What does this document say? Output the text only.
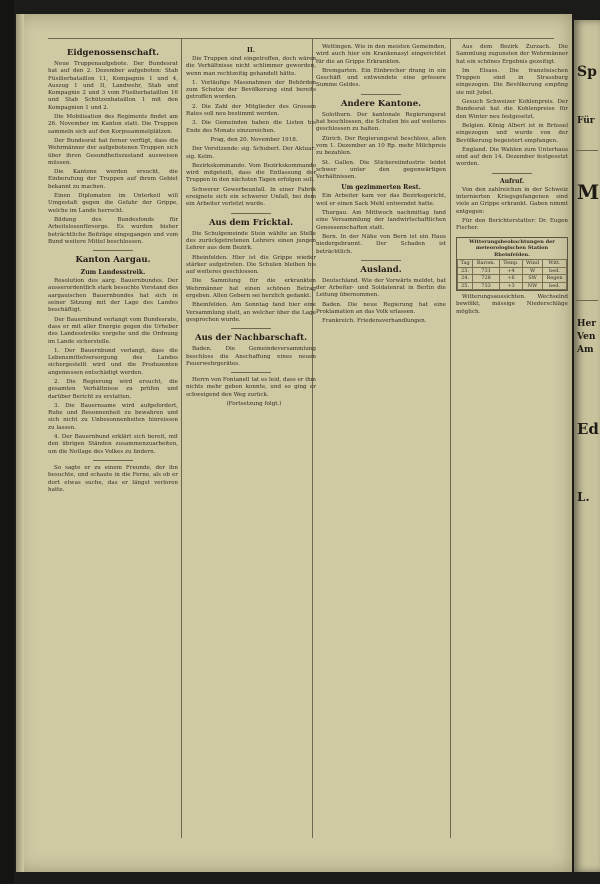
Eidgenossenschaft.

Neue Truppenaufgebote. Der Bundesrat hat auf den 2. Dezember aufgeboten: Stab Füsilierbataillon 11, Kompagnie 1 und 4, Auszug I und II, Landwehr, Stab und Kompagnie 2 und 3 vom Füsilierbataillon 16 und Stab Schützenbataillon 1 mit den Kompagnien 1 und 2.

Die Mobilisation des Regiments findet am 26. November im Kanton statt. Die Truppen sammeln sich auf den Korpssammelplätzen.

Der Bundesrat hat ferner verfügt, dass die Wehrmänner der aufgebotenen Truppen sich über ihren Gesundheitszustand ausweisen müssen.

Die Kantone werden ersucht, die Einberufung der Truppen auf ihrem Gebiet bekannt zu machen.

Einen Diplomaten im Unterkeil will Umgestalt gegen die Gefahr der Grippe, welche im Lande herrscht.

Bildung des Bundesfonds für Arbeitslosenfürsorge. Es wurden bisher beträchtliche Beiträge eingegangen und vom Bund weitere Mittel beschlossen.

Kanton Aargau.
Zum Landesstreik.

Resolution des aarg. Bauernbundes. Der ausserordentlich stark besuchte Vorstand des aargauischen Bauernbundes hat sich in seiner Sitzung mit der Lage des Landes beschäftigt.

Der Bauernbund verlangt vom Bundesrate, dass er mit aller Energie gegen die Urheber des Landesstreiks vorgehe und die Ordnung im Lande sicherstelle.

1. Der Bauernbund verlangt, dass die Lebensmittelversorgung des Landes sichergestellt wird und die Produzenten angemessen entschädigt werden.

2. Die Regierung wird ersucht, die gesamten Verhältnisse zu prüfen und darüber Bericht zu erstatten.

3. Die Bauernsame wird aufgefordert, Ruhe und Besonnenheit zu bewahren und sich nicht zu Unbesonnenheiten hinreissen zu lassen.

4. Der Bauernbund erklärt sich bereit, mit den übrigen Ständen zusammenzuarbeiten, um die Notlage des Volkes zu lindern.

So sagte er zu einem Freunde, der ihn besuchte, und schaute in die Ferne, als ob er dort etwas suche, das er längst verloren hatte.

II.

Die Truppen sind eingetroffen, doch wären die Verhältnisse nicht schlimmer geworden, wenn man rechtzeitig gehandelt hätte.

1. Vorläufige Massnahmen der Behörden zum Schutze der Bevölkerung sind bereits getroffen worden.

2. Die Zahl der Mitglieder des Grossen Rates soll neu bestimmt werden.

3. Die Gemeinden haben die Listen bis Ende des Monats einzureichen.

Prag, den 20. November 1918.

Der Vorsitzende: sig. Schubert. Der Aktuar: sig. Kelm.

Bezirkskommando. Vom Bezirkskommando wird mitgeteilt, dass die Entlassung der Truppen in den nächsten Tagen erfolgen soll.

Schwerer Gewerbeunfall. In einer Fabrik ereignete sich ein schwerer Unfall, bei dem ein Arbeiter verletzt wurde.

Aus dem Fricktal.

Die Schulgemeinde Stein wählte an Stelle des zurückgetretenen Lehrers einen jungen Lehrer aus dem Bezirk.

Rheinfelden. Hier ist die Grippe wieder stärker aufgetreten. Die Schulen bleiben bis auf weiteres geschlossen.

Die Sammlung für die erkrankten Wehrmänner hat einen schönen Betrag ergeben. Allen Gebern sei herzlich gedankt.

Rheinfelden. Am Sonntag fand hier eine Versammlung statt, an welcher über die Lage gesprochen wurde.

Aus der Nachbarschaft.

Baden. Die Gemeindeversammlung beschloss die Anschaffung eines neuen Feuerwehrgerätes.

Herrn von Fontanell tat es leid, dass er ihm nichts mehr geben konnte, und so ging er schweigend den Weg zurück.

(Fortsetzung folgt.)

Wettingen. Wie in den meisten Gemeinden, wird auch hier ein Krankenasyl eingerichtet für die an Grippe Erkrankten.

Bremgarten. Ein Einbrecher drang in ein Geschäft und entwendete eine grössere Summe Geldes.

Andere Kantone.

Solothurn. Der kantonale Regierungsrat hat beschlossen, die Schulen bis auf weiteres geschlossen zu halten.

Zürich. Der Regierungsrat beschloss, allen vom 1. Dezember an 10 Rp. mehr Milchpreis zu bezahlen.

St. Gallen. Die Stickereiindustrie leidet schwer unter den gegenwärtigen Verhältnissen.

Um gezimmerten Rest.

Ein Arbeiter kam vor das Bezirksgericht, weil er einen Sack Mehl entwendet hatte.

Thurgau. Am Mittwoch nachmittag fand eine Versammlung der landwirtschaftlichen Genossenschaften statt.

Bern. In der Nähe von Bern ist ein Haus niedergebrannt. Der Schaden ist beträchtlich.

Ausland.

Deutschland. Wie der Vorwärts meldet, hat der Arbeiter- und Soldatenrat in Berlin die Leitung übernommen.

Baden. Die neue Regierung hat eine Proklamation an das Volk erlassen.

Frankreich. Friedensverhandlungen.

Aus dem Bezirk Zurzach. Die Sammlung zugunsten der Wehrmänner hat ein schönes Ergebnis gezeitigt.

Im Elsass. Die französischen Truppen sind in Strassburg eingezogen. Die Bevölkerung empfing sie mit Jubel.

Gesuch Schweizer Kohlenpreis. Der Bundesrat hat die Kohlenpreise für den Winter neu festgesetzt.

Belgien. König Albert ist in Brüssel eingezogen und wurde von der Bevölkerung begeistert empfangen.

England. Die Wahlen zum Unterhaus sind auf den 14. Dezember festgesetzt worden.

Aufruf.

Von den zahlreichen in der Schweiz internierten Kriegsgefangenen sind viele an Grippe erkrankt. Gaben nimmt entgegen:

Für den Berichterstatter: Dr. Eugen Fischer.

Witterungsbeobachtungen der meteorologischen Station Rheinfelden.
Tag	Barom.	Temp.	Wind	Witt.
23.	731	+4	W	bed.
24.	728	+6	SW	Regen
25.	733	+3	NW	bed.

Witterungsaussichten. Wechselnd bewölkt, mässige Niederschläge möglich.

Sp
Für
M
Her Ven Am
Ed
L.
